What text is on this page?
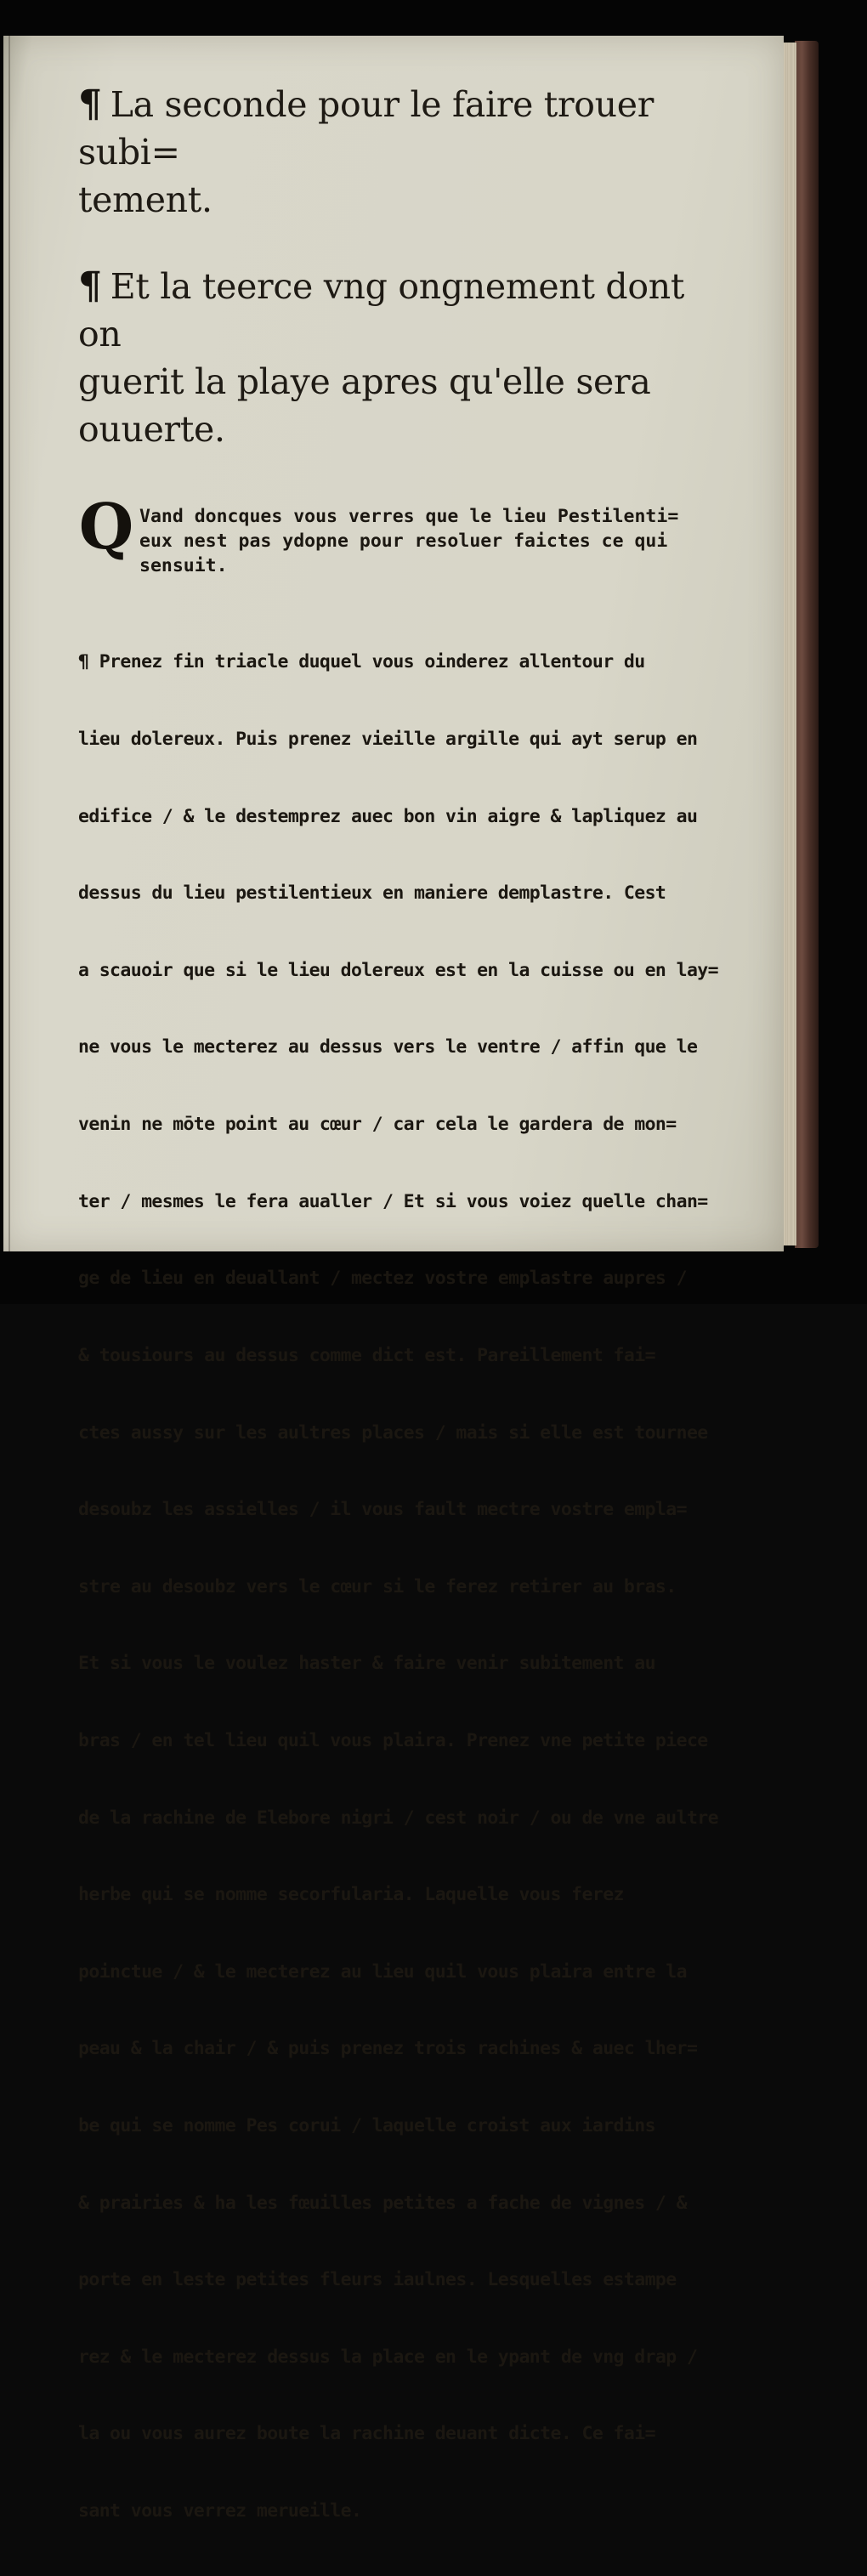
¶ La seconde pour le faire trouer subi=
tement.

¶ Et la teerce vng ongnement dont on
guerit la playe apres qu'elle sera ouuerte.

Q Vand doncques vous verres que le lieu Pestilenti=
eux nest pas ydopne pour resoluer faictes ce qui
sensuit.

¶ Prenez fin triacle duquel vous oinderez allentour du

lieu dolereux. Puis prenez vieille argille qui ayt serup en

edifice / & le destemprez auec bon vin aigre & lapliquez au

dessus du lieu pestilentieux en maniere demplastre. Cest

a scauoir que si le lieu dolereux est en la cuisse ou en lay=

ne vous le mecterez au dessus vers le ventre / affin que le

venin ne mōte point au cœur / car cela le gardera de mon=

ter / mesmes le fera aualler / Et si vous voiez quelle chan=

ge de lieu en deuallant / mectez vostre emplastre aupres /

& tousiours au dessus comme dict est. Pareillement fai=

ctes aussy sur les aultres places / mais si elle est tournee

desoubz les assielles / il vous fault mectre vostre empla=

stre au desoubz vers le cœur si le ferez retirer au bras.

Et si vous le voulez haster & faire venir subitement au

bras / en tel lieu quil vous plaira. Prenez vne petite piece

de la rachine de Elebore nigri / cest noir / ou de vne aultre

herbe qui se nomme secorfularia. Laquelle vous ferez

poinctue / & le mecterez au lieu quil vous plaira entre la

peau & la chair / & puis prenez trois rachines & auec lher=

be qui se nomme Pes corui / laquelle croist aux iardins

& prairies & ha les fœuilles petites a fache de vignes / &

porte en leste petites fleurs iaulnes. Lesquelles estampe

rez & le mecterez dessus la place en le ypant de vng drap /

la ou vous aurez boute la rachine deuant dicte. Ce fai=

sant vous verrez merueille.
